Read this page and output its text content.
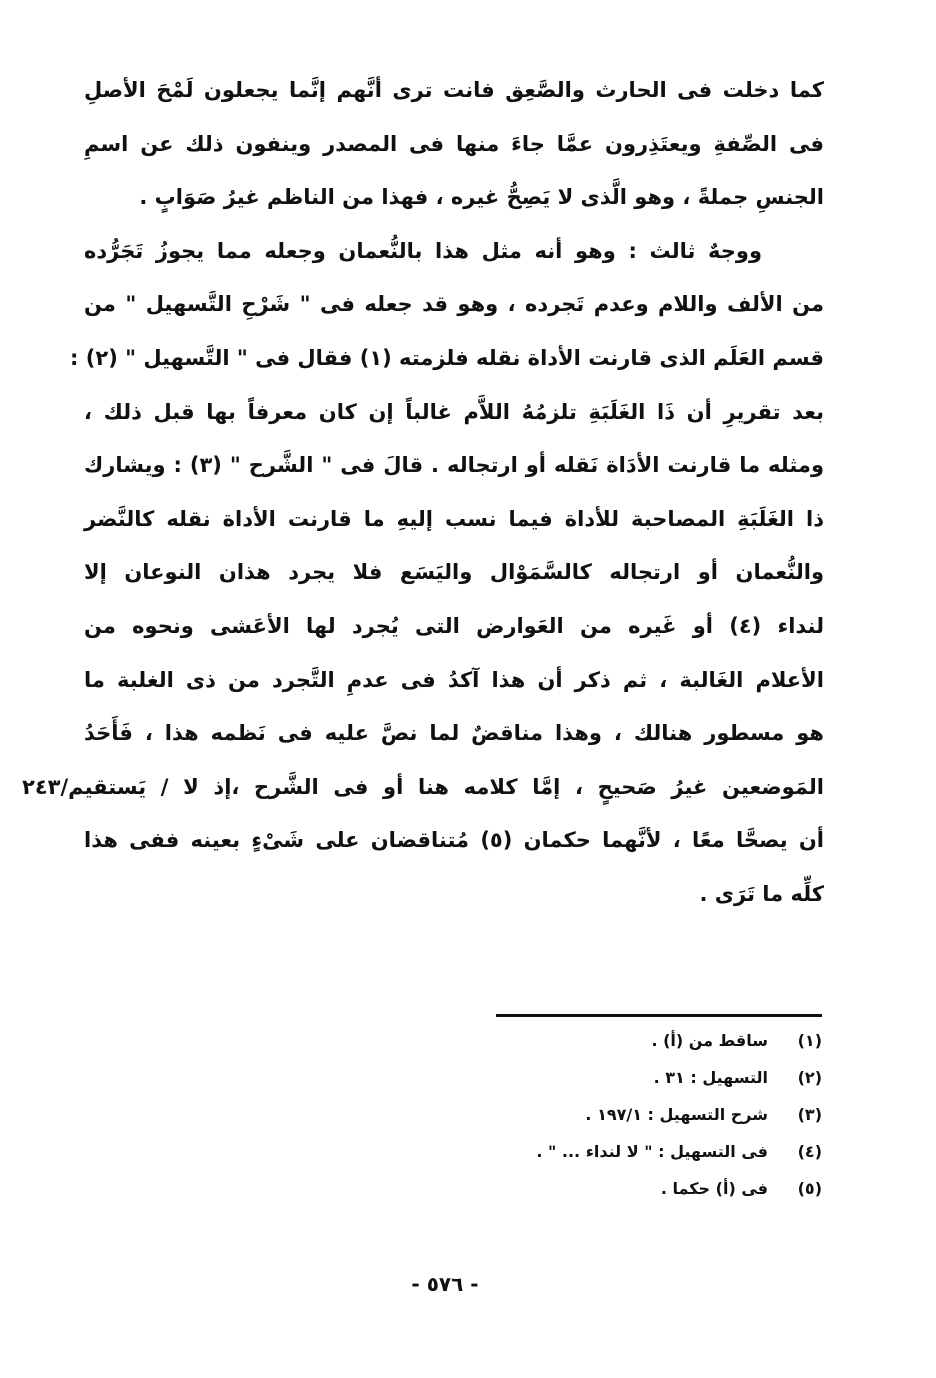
كما دخلت فى الحارث والصَّعِق فانت ترى أنَّهم إنَّما يجعلون لَمْحَ الأصلِ
فى الصِّفةِ ويعتَذِرون عمَّا جاءَ منها فى المصدر وينفون ذلك عن اسمِ
الجنسِ جملةً ، وهو الَّذى لا يَصِحُّ غيره ، فهذا من الناظم غيرُ صَوَابٍ .
ووجهٌ ثالث : وهو أنه مثل هذا بالنُّعمان وجعله مما يجوزُ تَجَرُّده
من الألف واللام وعدم تَجرده ، وهو قد جعله فى " شَرْحِ التَّسهيل " من
قسم العَلَم الذى قارنت الأداة نقله فلزمته (١) فقال فى " التَّسهيل " (٢) :
بعد تقريرِ أن ذَا الغَلَبَةِ تلزمُهُ اللاَّم غالباً إن كان معرفاً بها قبل ذلك ،
ومثله ما قارنت الأدَاة نَقله أو ارتجاله . قالَ فى " الشَّرح " (٣) : ويشارك
ذا الغَلَبَةِ المصاحبة للأداة فيما نسب إليهِ ما قارنت الأداة نقله كالنَّضر
والنُّعمان أو ارتجاله كالسَّمَوْال واليَسَع فلا يجرد هذان النوعان إلا
لنداء (٤) أو غَيره من العَوارض التى يُجرد لها الأعَشى ونحوه من
الأعلام الغَالبة ، ثم ذكر أن هذا آكدُ فى عدمِ التَّجرد من ذى الغلبة ما
هو مسطور هنالك ، وهذا مناقضٌ لما نصَّ عليه فى نَظمه هذا ، فَأَحَدُ
المَوضعين غيرُ صَحيحٍ ، إمَّا كلامه هنا أو فى الشَّرح ،إذ لا / يَستقيم/٢٤٣
أن يصحَّا معًا ، لأنَّهما حكمان (٥) مُتناقضان على شَىْءٍ بعينه ففى هذا
كلِّه ما تَرَى .
(١)
ساقط من (أ) .
(٢)
التسهيل : ٣١ .
(٣)
شرح التسهيل : ١٩٧/١ .
(٤)
فى التسهيل : " لا لنداء ... " .
(٥)
فى (أ) حكما .
- ٥٧٦ -
